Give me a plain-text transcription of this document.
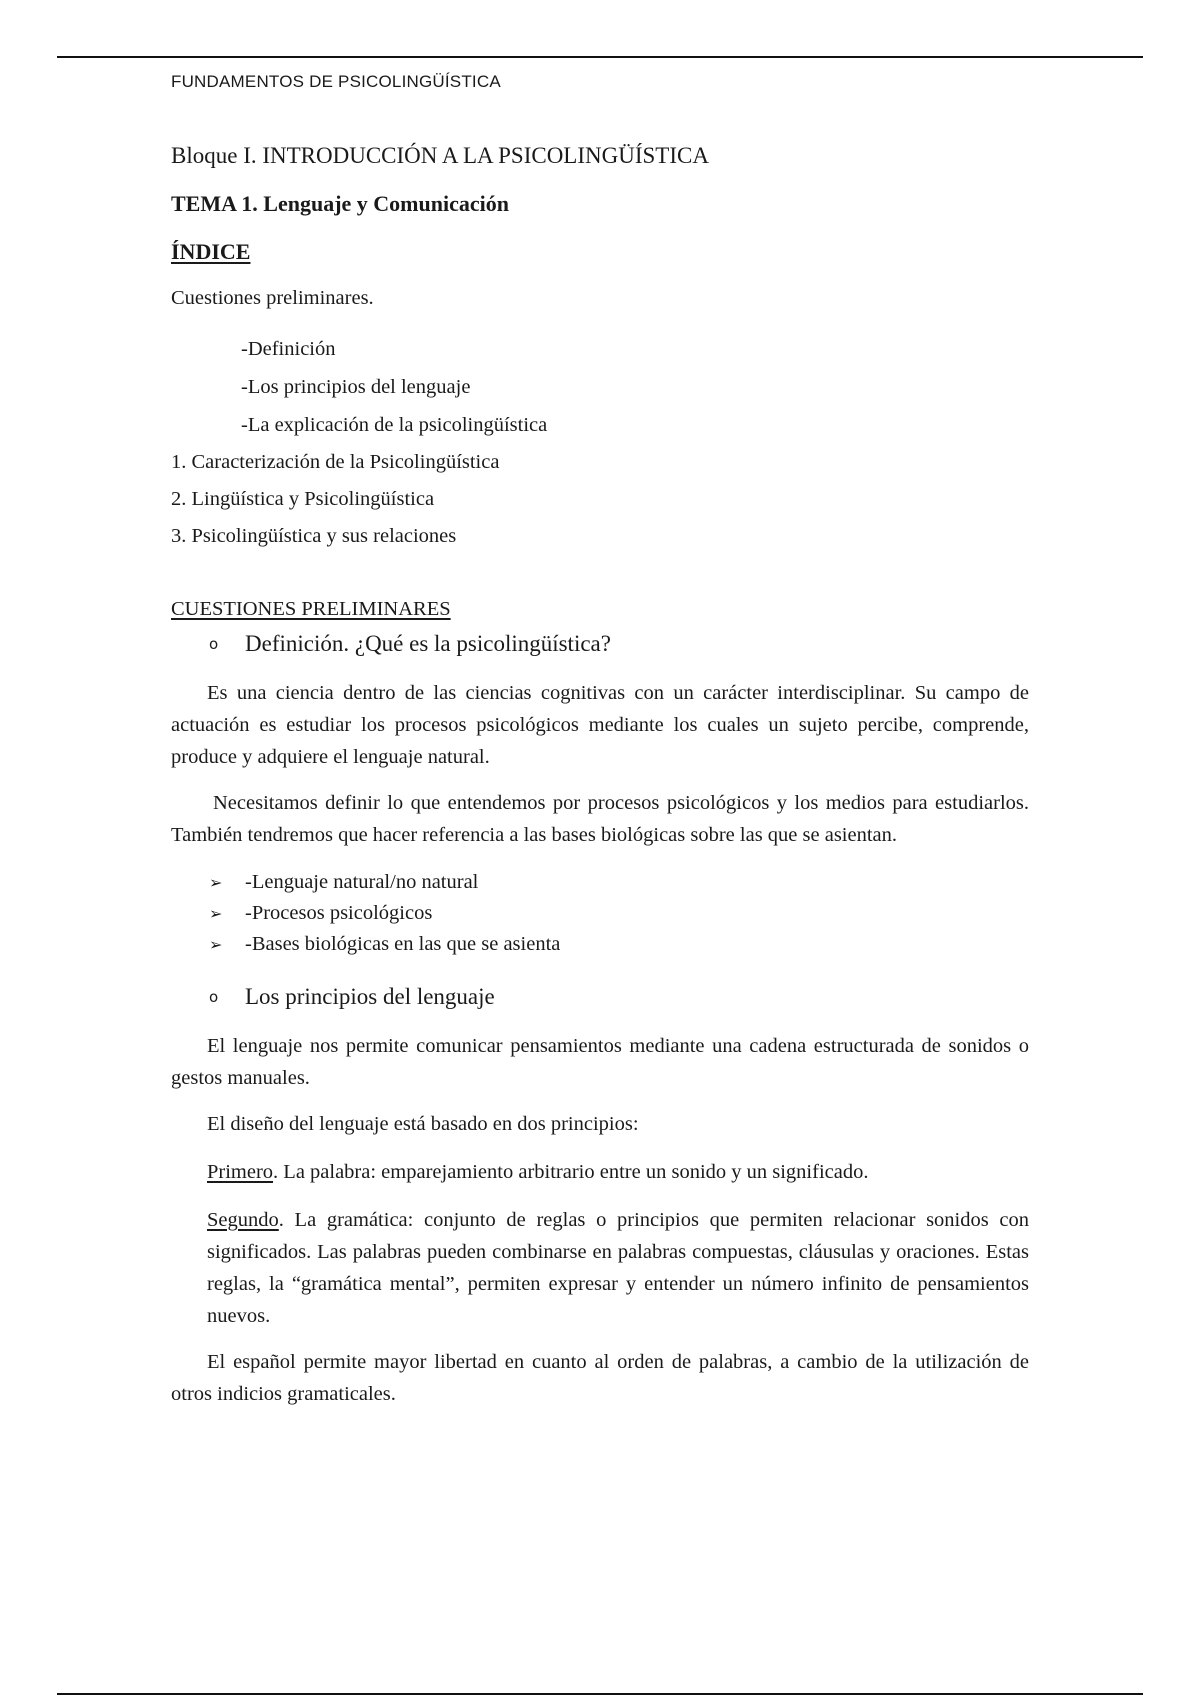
FUNDAMENTOS DE PSICOLINGÜÍSTICA

Bloque I. INTRODUCCIÓN A LA PSICOLINGÜÍSTICA

TEMA 1. Lenguaje y Comunicación

ÍNDICE

Cuestiones preliminares.

-Definición
-Los principios del lenguaje
-La explicación de la psicolingüística
1. Caracterización de la Psicolingüística
2. Lingüística y Psicolingüística
3. Psicolingüística y sus relaciones

CUESTIONES PRELIMINARES

o	Definición. ¿Qué es la psicolingüística?

Es una ciencia dentro de las ciencias cognitivas con un carácter interdisciplinar. Su campo de actuación es estudiar los procesos psicológicos mediante los cuales un sujeto percibe, comprende, produce y adquiere el lenguaje natural.

Necesitamos definir lo que entendemos por procesos psicológicos y los medios para estudiarlos. También tendremos que hacer referencia a las bases biológicas sobre las que se asientan.

➢	-Lenguaje natural/no natural
➢	-Procesos psicológicos
➢	-Bases biológicas en las que se asienta
o	Los principios del lenguaje

El lenguaje nos permite comunicar pensamientos mediante una cadena estructurada de sonidos o gestos manuales.

El diseño del lenguaje está basado en dos principios:

Primero. La palabra: emparejamiento arbitrario entre un sonido y un significado.

Segundo. La gramática: conjunto de reglas o principios que permiten relacionar sonidos con significados. Las palabras pueden combinarse en palabras compuestas, cláusulas y oraciones. Estas reglas, la “gramática mental”, permiten expresar y entender un número infinito de pensamientos nuevos.

El español permite mayor libertad en cuanto al orden de palabras, a cambio de la utilización de otros indicios gramaticales.
